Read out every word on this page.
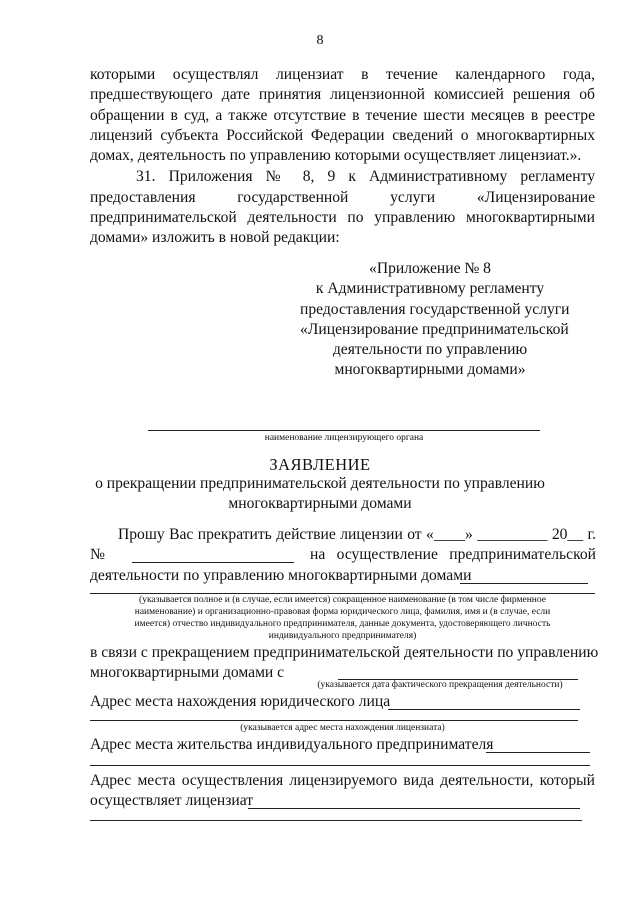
8
которыми осуществлял лицензиат в течение календарного года,
предшествующего дате принятия лицензионной комиссией решения об
обращении в суд, а также отсутствие в течение шести месяцев в реестре
лицензий субъекта Российской Федерации сведений о многоквартирных
домах, деятельность по управлению которыми осуществляет лицензиат.».
31. Приложения № 8, 9 к Административному регламенту
предоставления государственной услуги «Лицензирование
предпринимательской деятельности по управлению многоквартирными
домами» изложить в новой редакции:
«Приложение № 8
к Административному регламенту
предоставления государственной услуги
«Лицензирование предпринимательской
деятельности по управлению
многоквартирными домами»
наименование лицензирующего органа
ЗАЯВЛЕНИЕ
о прекращении предпринимательской деятельности по управлению
многоквартирными домами
Прошу Вас прекратить действие лицензии от «____» _________ 20__ г.
№	на осуществление предпринимательской
деятельности по управлению многоквартирными домами
(указывается полное и (в случае, если имеется) сокращенное наименование (в том числе фирменное
наименование) и организационно-правовая форма юридического лица, фамилия, имя и (в случае, если
имеется) отчество индивидуального предпринимателя, данные документа, удостоверяющего личность
индивидуального предпринимателя)
в связи с прекращением предпринимательской деятельности по управлению
многоквартирными домами с
(указывается дата фактического прекращения деятельности)
Адрес места нахождения юридического лица
(указывается адрес места нахождения лицензиата)
Адрес места жительства индивидуального предпринимателя
Адрес места осуществления лицензируемого вида деятельности, который
осуществляет лицензиат
